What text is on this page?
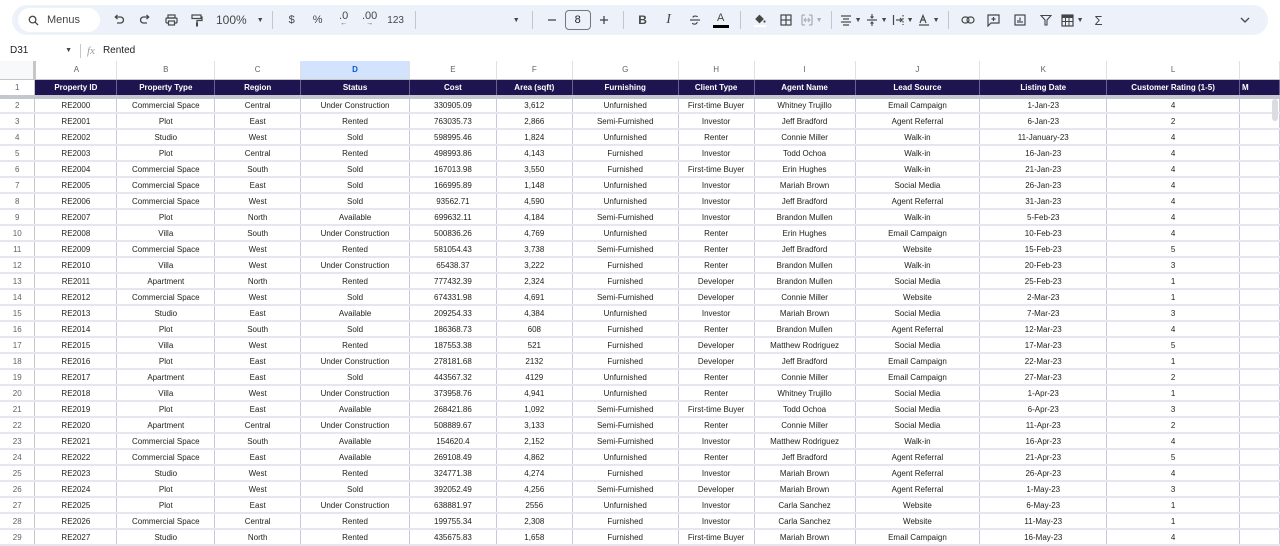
Menus	100% ▼ $ % .0
←
.00
→ 123	▼	8	B I	A	▼	▼	▼	▼	▼	▼ Σ
D31	▼ fx Rented
	A	B	C	D	E	F	G	H	I	J	K	L	
1	Property ID	Property Type	Region	Status	Cost	Area (sqft)	Furnishing	Client Type	Agent Name	Lead Source	Listing Date	Customer Rating (1-5)	M
2	RE2000	Commercial Space	Central	Under Construction	330905.09	3,612	Unfurnished	First-time Buyer	Whitney Trujillo	Email Campaign	1-Jan-23	4	
3	RE2001	Plot	East	Rented	763035.73	2,866	Semi-Furnished	Investor	Jeff Bradford	Agent Referral	6-Jan-23	2	
4	RE2002	Studio	West	Sold	598995.46	1,824	Unfurnished	Renter	Connie Miller	Walk-in	11-January-23	4	
5	RE2003	Plot	Central	Rented	498993.86	4,143	Furnished	Investor	Todd Ochoa	Walk-in	16-Jan-23	4	
6	RE2004	Commercial Space	South	Sold	167013.98	3,550	Furnished	First-time Buyer	Erin Hughes	Walk-in	21-Jan-23	4	
7	RE2005	Commercial Space	East	Sold	166995.89	1,148	Unfurnished	Investor	Mariah Brown	Social Media	26-Jan-23	4	
8	RE2006	Commercial Space	West	Sold	93562.71	4,590	Unfurnished	Investor	Jeff Bradford	Agent Referral	31-Jan-23	4	
9	RE2007	Plot	North	Available	699632.11	4,184	Semi-Furnished	Investor	Brandon Mullen	Walk-in	5-Feb-23	4	
10	RE2008	Villa	South	Under Construction	500836.26	4,769	Unfurnished	Renter	Erin Hughes	Email Campaign	10-Feb-23	4	
11	RE2009	Commercial Space	West	Rented	581054.43	3,738	Semi-Furnished	Renter	Jeff Bradford	Website	15-Feb-23	5	
12	RE2010	Villa	West	Under Construction	65438.37	3,222	Furnished	Renter	Brandon Mullen	Walk-in	20-Feb-23	3	
13	RE2011	Apartment	North	Rented	777432.39	2,324	Furnished	Developer	Brandon Mullen	Social Media	25-Feb-23	1	
14	RE2012	Commercial Space	West	Sold	674331.98	4,691	Semi-Furnished	Developer	Connie Miller	Website	2-Mar-23	1	
15	RE2013	Studio	East	Available	209254.33	4,384	Unfurnished	Investor	Mariah Brown	Social Media	7-Mar-23	3	
16	RE2014	Plot	South	Sold	186368.73	608	Furnished	Renter	Brandon Mullen	Agent Referral	12-Mar-23	4	
17	RE2015	Villa	West	Rented	187553.38	521	Furnished	Developer	Matthew Rodriguez	Social Media	17-Mar-23	5	
18	RE2016	Plot	East	Under Construction	278181.68	2132	Furnished	Developer	Jeff Bradford	Email Campaign	22-Mar-23	1	
19	RE2017	Apartment	East	Sold	443567.32	4129	Unfurnished	Renter	Connie Miller	Email Campaign	27-Mar-23	2	
20	RE2018	Villa	West	Under Construction	373958.76	4,941	Unfurnished	Renter	Whitney Trujillo	Social Media	1-Apr-23	1	
21	RE2019	Plot	East	Available	268421.86	1,092	Semi-Furnished	First-time Buyer	Todd Ochoa	Social Media	6-Apr-23	3	
22	RE2020	Apartment	Central	Under Construction	508889.67	3,133	Semi-Furnished	Renter	Connie Miller	Social Media	11-Apr-23	2	
23	RE2021	Commercial Space	South	Available	154620.4	2,152	Semi-Furnished	Investor	Matthew Rodriguez	Walk-in	16-Apr-23	4	
24	RE2022	Commercial Space	East	Available	269108.49	4,862	Unfurnished	Renter	Jeff Bradford	Agent Referral	21-Apr-23	5	
25	RE2023	Studio	West	Rented	324771.38	4,274	Furnished	Investor	Mariah Brown	Agent Referral	26-Apr-23	4	
26	RE2024	Plot	West	Sold	392052.49	4,256	Semi-Furnished	Developer	Mariah Brown	Agent Referral	1-May-23	3	
27	RE2025	Plot	East	Under Construction	638881.97	2556	Unfurnished	Investor	Carla Sanchez	Website	6-May-23	1	
28	RE2026	Commercial Space	Central	Rented	199755.34	2,308	Furnished	Investor	Carla Sanchez	Website	11-May-23	1	
29	RE2027	Studio	North	Rented	435675.83	1,658	Furnished	First-time Buyer	Mariah Brown	Email Campaign	16-May-23	4	
